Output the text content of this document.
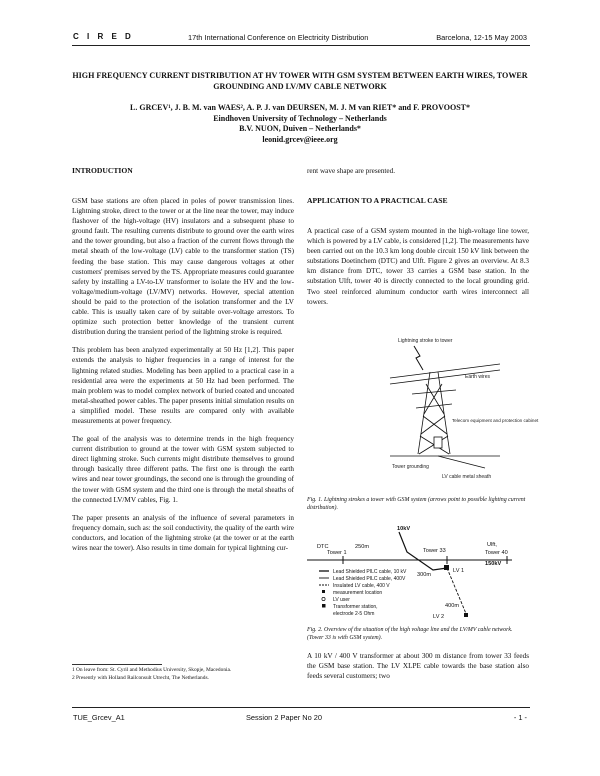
C I R E D	17th International Conference on Electricity Distribution	Barcelona, 12-15 May 2003
HIGH FREQUENCY CURRENT DISTRIBUTION AT HV TOWER WITH GSM SYSTEM BETWEEN EARTH WIRES, TOWER GROUNDING AND LV/MV CABLE NETWORK
L. GRCEV¹, J. B. M. van WAES², A. P. J. van DEURSEN, M. J. M van RIET* and F. PROVOOST*
Eindhoven University of Technology – Netherlands
B.V. NUON, Duiven – Netherlands*
leonid.grcev@ieee.org
INTRODUCTION

GSM base stations are often placed in poles of power transmission lines. Lightning stroke, direct to the tower or at the line near the tower, may induce flashover of the high-voltage (HV) insulators and a subsequent phase to ground fault. The resulting currents distribute to ground over the earth wires and the tower grounding, but also a fraction of the current flows through the metal sheath of the low-voltage (LV) cable to the transformer station (TS) feeding the base station. This may cause dangerous voltages at other customers' premises served by the TS. Appropriate measures could guarantee safety by installing a LV-to-LV transformer to isolate the HV and the low-voltage/medium-voltage (LV/MV) networks. However, special attention should be paid to the protection of the isolation transformer and the LV cable. This is usually taken care of by suitable over-voltage arrestors. To optimize such protection better knowledge of the transient current distribution during the transient period of the lightning stroke is required.

This problem has been analyzed experimentally at 50 Hz [1,2]. This paper extends the analysis to higher frequencies in a range of interest for the lightning related studies. Modeling has been applied to a practical case in a residential area were the experiments at 50 Hz had been performed. The main problem was to model complex network of buried coated and uncoated metal-sheathed power cables. The paper presents initial simulation results on a simplified model. These results are compared only with available measurements at power frequency.

The goal of the analysis was to determine trends in the high frequency current distribution to ground at the tower with GSM system subjected to direct lightning stroke. Such currents might distribute themselves to ground through basically three different paths. The first one is through the earth wires and near tower groundings, the second one is through the grounding of the tower with GSM system and the third one is through the metal sheaths of the connected LV/MV cables, Fig. 1.

The paper presents an analysis of the influence of several parameters in frequency domain, such as: the soil conductivity, the quality of the earth wire conductors, and location of the lightning stroke (at the tower or at the earth wires near the tower). Also results in time domain for typical lightning cur-

1 On leave from: St. Cyril and Methodius University, Skopje, Macedonia.
2 Presently with Holland Railconsult Utrecht, The Netherlands.
rent wave shape are presented.
APPLICATION TO A PRACTICAL CASE

A practical case of a GSM system mounted in the high-voltage line tower, which is powered by a LV cable, is considered [1,2]. The measurements have been carried out on the 10.3 km long double circuit 150 kV link between the substations Doetinchem (DTC) and Ulft. Figure 2 gives an overview. At 8.3 km distance from DTC, tower 33 carries a GSM base station. In the substation Ulft, tower 40 is directly connected to the local grounding grid. Two steel reinforced aluminum conductor earth wires interconnect all towers.

Lightning stroke to tower
Earth wires
Telecom equipment and protection cabinet
Tower grounding
LV cable metal sheath
Fig. 1. Lightning strokes a tower with GSM system (arrows point to possible lighting current distribution).
10kV
DTC
Tower 1
250m
Tower 33
Ulft,
Tower 40
150kV
300m
LV 1
400m
LV 2
Lead Shielded PILC cable, 10 kV
Lead Shielded PILC cable, 400V
Insulated LV cable, 400 V
measurement location
LV user
Transformer station,
electrode 2-5 Ohm
Fig. 2. Overview of the situation of the high voltage line and the LV/MV cable network. (Tower 33 is with GSM system).
A 10 kV / 400 V transformer at about 300 m distance from tower 33 feeds the GSM base station. The LV XLPE cable towards the base station also feeds several customers; two
TUE_Grcev_A1	Session 2 Paper No 20	- 1 -
